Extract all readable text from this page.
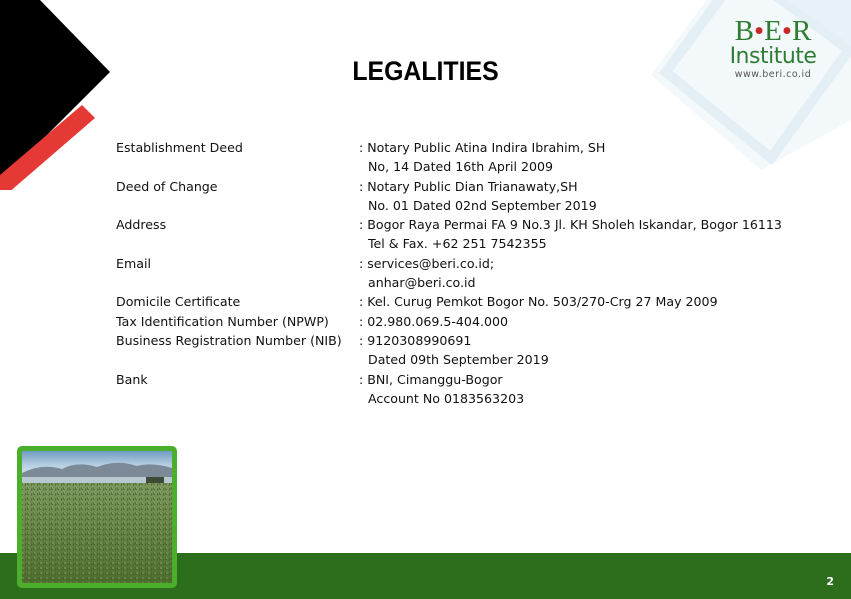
B•E•R
Institute
www.beri.co.id
LEGALITIES
Establishment Deed	: Notary Public Atina Indira Ibrahim, SH
No, 14 Dated 16th April 2009
Deed of Change	: Notary Public Dian Trianawaty,SH
No. 01 Dated 02nd September 2019
Address	: Bogor Raya Permai FA 9 No.3 Jl. KH Sholeh Iskandar, Bogor 16113
Tel & Fax. +62 251 7542355
Email	: services@beri.co.id;
anhar@beri.co.id
Domicile Certificate	: Kel. Curug Pemkot Bogor No. 503/270-Crg 27 May 2009
Tax Identification Number (NPWP)	: 02.980.069.5-404.000
Business Registration Number (NIB)	: 9120308990691
Dated 09th September 2019
Bank	: BNI, Cimanggu-Bogor
Account No 0183563203
2
